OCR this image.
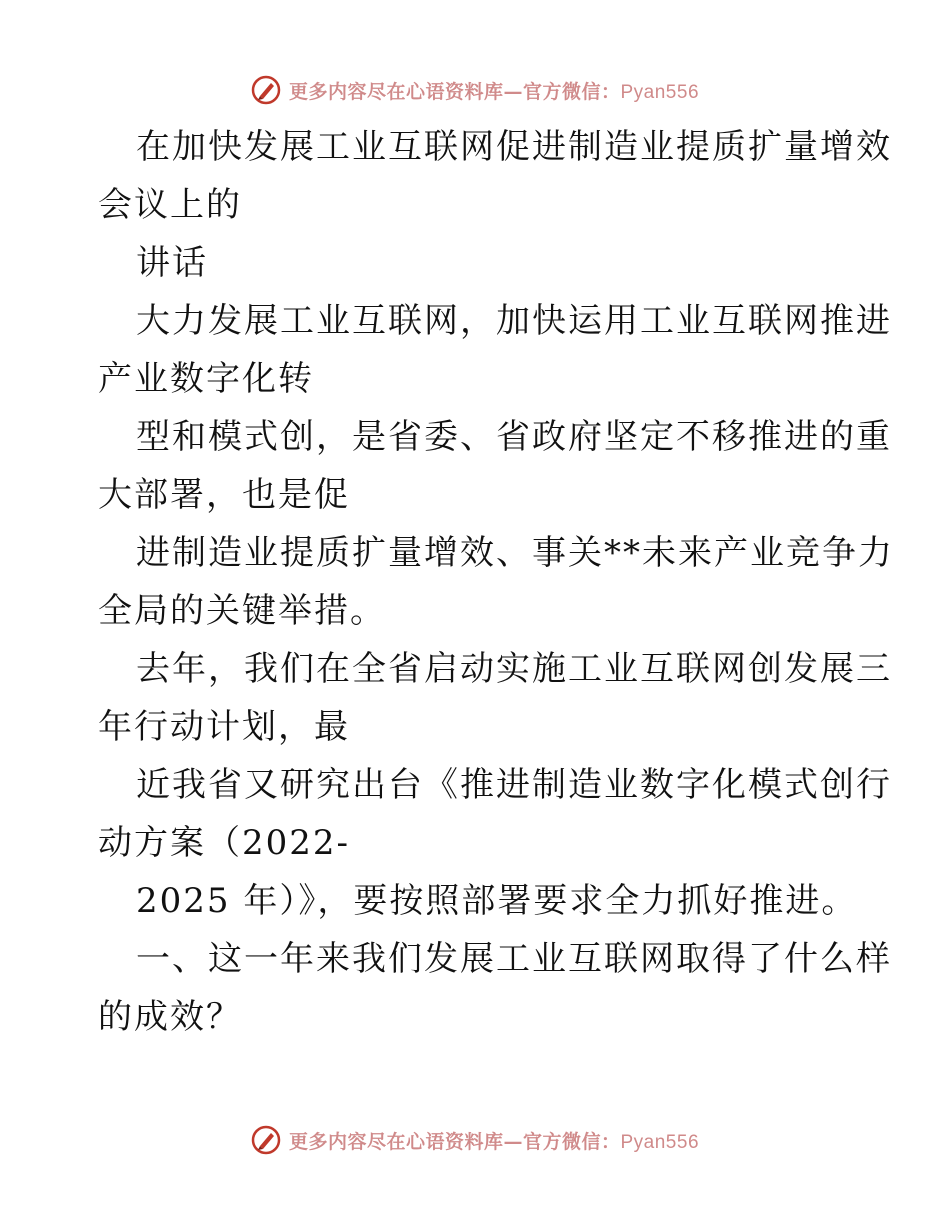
更多内容尽在心语资料库—官方微信：Pyan556
在加快发展工业互联网促进制造业提质扩量增效
会议上的
讲话
大力发展工业互联网，加快运用工业互联网推进
产业数字化转
型和模式创，是省委、省政府坚定不移推进的重
大部署，也是促
进制造业提质扩量增效、事关**未来产业竞争力
全局的关键举措。
去年，我们在全省启动实施工业互联网创发展三
年行动计划，最
近我省又研究出台《推进制造业数字化模式创行
动方案（2022-
2025 年）》，要按照部署要求全力抓好推进。
一、这一年来我们发展工业互联网取得了什么样
的成效？
更多内容尽在心语资料库—官方微信：Pyan556
